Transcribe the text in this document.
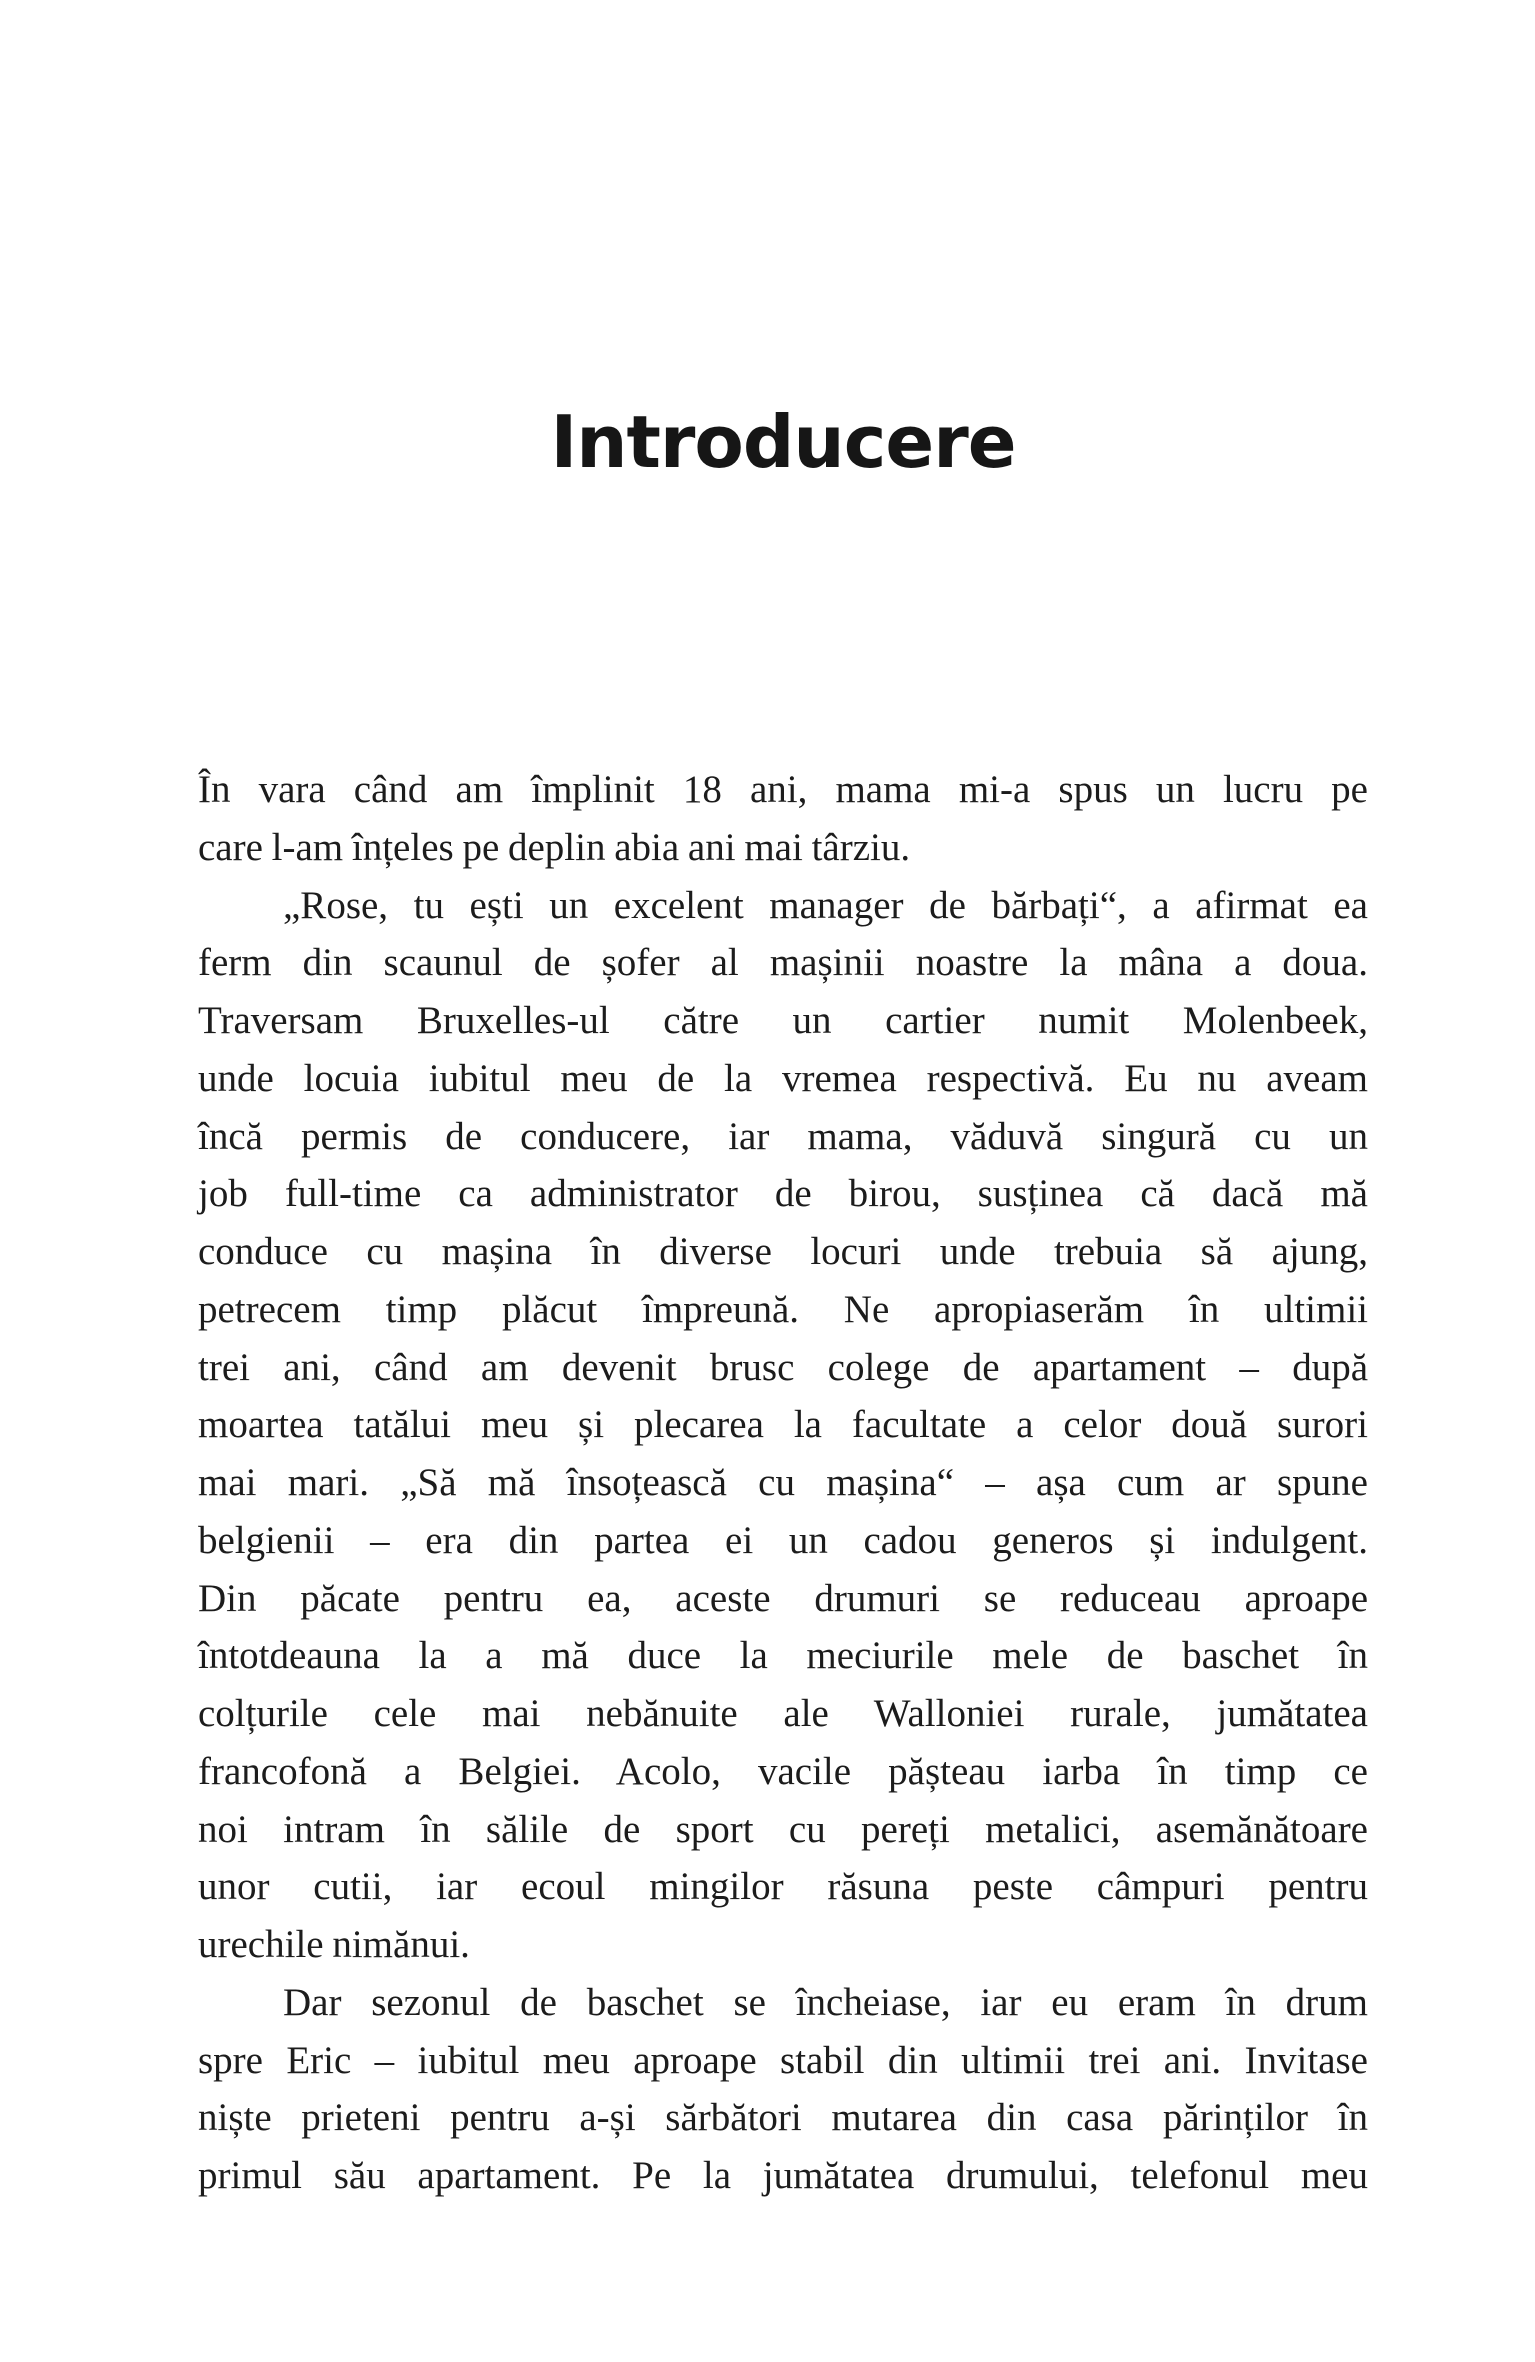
Introducere
În vara când am împlinit 18 ani, mama mi-a spus un lucru pe
care l-am înțeles pe deplin abia ani mai târziu.
„Rose, tu ești un excelent manager de bărbați“, a afirmat ea
ferm din scaunul de șofer al mașinii noastre la mâna a doua.
Traversam Bruxelles-ul către un cartier numit Molenbeek,
unde locuia iubitul meu de la vremea respectivă. Eu nu aveam
încă permis de conducere, iar mama, văduvă singură cu un
job full-time ca administrator de birou, susținea că dacă mă
conduce cu mașina în diverse locuri unde trebuia să ajung,
petrecem timp plăcut împreună. Ne apropiaserăm în ultimii
trei ani, când am devenit brusc colege de apartament – după
moartea tatălui meu și plecarea la facultate a celor două surori
mai mari. „Să mă însoțească cu mașina“ – așa cum ar spune
belgienii – era din partea ei un cadou generos și indulgent.
Din păcate pentru ea, aceste drumuri se reduceau aproape
întotdeauna la a mă duce la meciurile mele de baschet în
colțurile cele mai nebănuite ale Walloniei rurale, jumătatea
francofonă a Belgiei. Acolo, vacile pășteau iarba în timp ce
noi intram în sălile de sport cu pereți metalici, asemănătoare
unor cutii, iar ecoul mingilor răsuna peste câmpuri pentru
urechile nimănui.
Dar sezonul de baschet se încheiase, iar eu eram în drum
spre Eric – iubitul meu aproape stabil din ultimii trei ani. Invitase
niște prieteni pentru a-și sărbători mutarea din casa părinților în
primul său apartament. Pe la jumătatea drumului, telefonul meu
